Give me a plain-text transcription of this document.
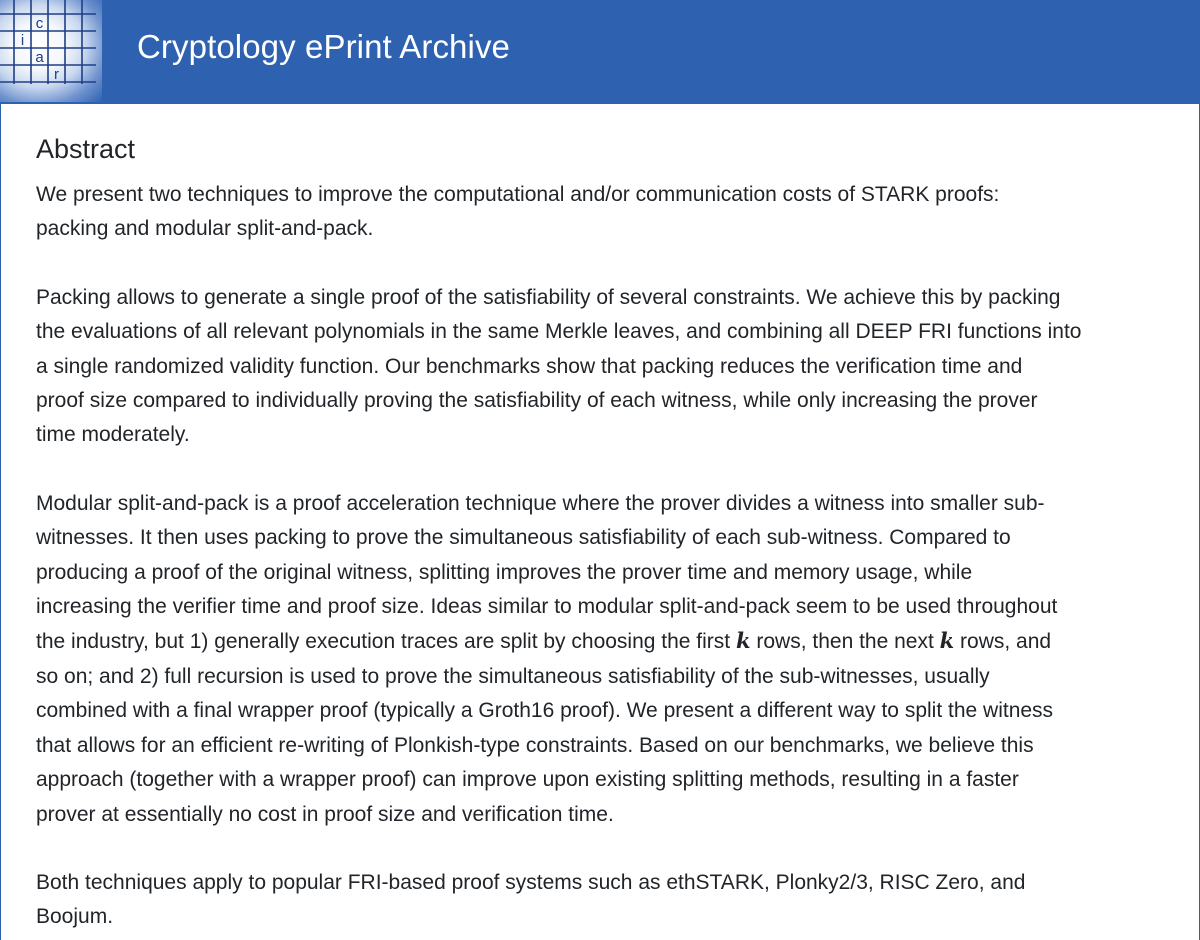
i
c
a
r
Cryptology ePrint Archive
Abstract

We present two techniques to improve the computational and/or communication costs of STARK proofs:
packing and modular split-and-pack.

Packing allows to generate a single proof of the satisfiability of several constraints. We achieve this by packing
the evaluations of all relevant polynomials in the same Merkle leaves, and combining all DEEP FRI functions into
a single randomized validity function. Our benchmarks show that packing reduces the verification time and
proof size compared to individually proving the satisfiability of each witness, while only increasing the prover
time moderately.

Modular split-and-pack is a proof acceleration technique where the prover divides a witness into smaller sub-
witnesses. It then uses packing to prove the simultaneous satisfiability of each sub-witness. Compared to
producing a proof of the original witness, splitting improves the prover time and memory usage, while
increasing the verifier time and proof size. Ideas similar to modular split-and-pack seem to be used throughout
the industry, but 1) generally execution traces are split by choosing the first k rows, then the next k rows, and
so on; and 2) full recursion is used to prove the simultaneous satisfiability of the sub-witnesses, usually
combined with a final wrapper proof (typically a Groth16 proof). We present a different way to split the witness
that allows for an efficient re-writing of Plonkish-type constraints. Based on our benchmarks, we believe this
approach (together with a wrapper proof) can improve upon existing splitting methods, resulting in a faster
prover at essentially no cost in proof size and verification time.

Both techniques apply to popular FRI-based proof systems such as ethSTARK, Plonky2/3, RISC Zero, and
Boojum.
